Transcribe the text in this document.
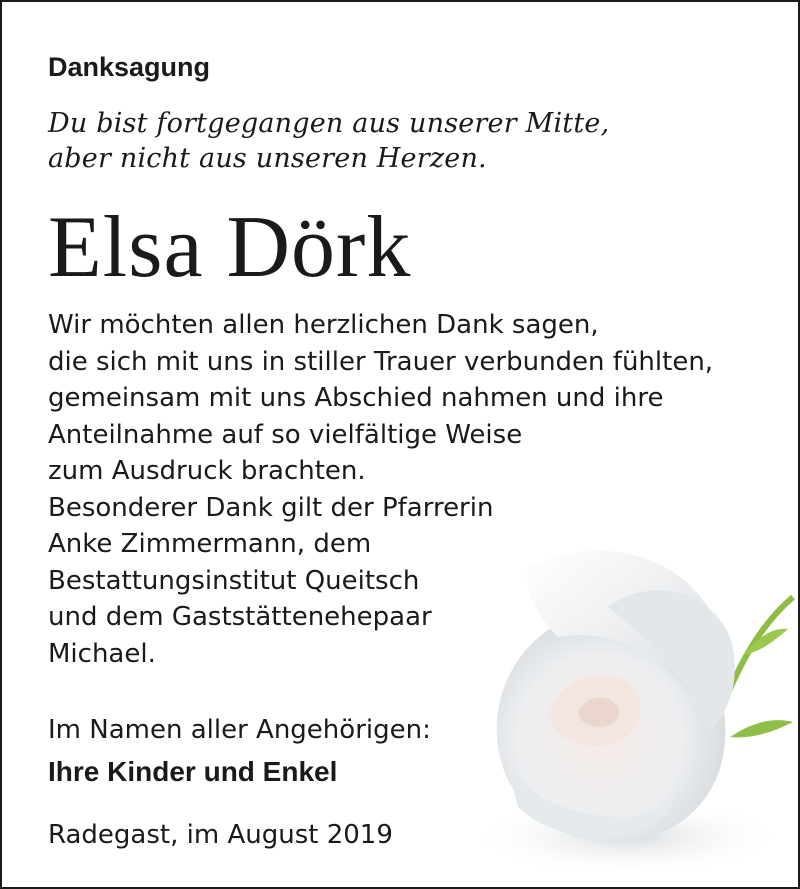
Danksagung

Du bist fortgegangen aus unserer Mitte,
aber nicht aus unseren Herzen.

Elsa Dörk

Wir möchten allen herzlichen Dank sagen,
die sich mit uns in stiller Trauer verbunden fühlten,
gemeinsam mit uns Abschied nahmen und ihre
Anteilnahme auf so vielfältige Weise
zum Ausdruck brachten.
Besonderer Dank gilt der Pfarrerin
Anke Zimmermann, dem
Bestattungsinstitut Queitsch
und dem Gaststättenehepaar
Michael.

Im Namen aller Angehörigen:

Ihre Kinder und Enkel

Radegast, im August 2019
